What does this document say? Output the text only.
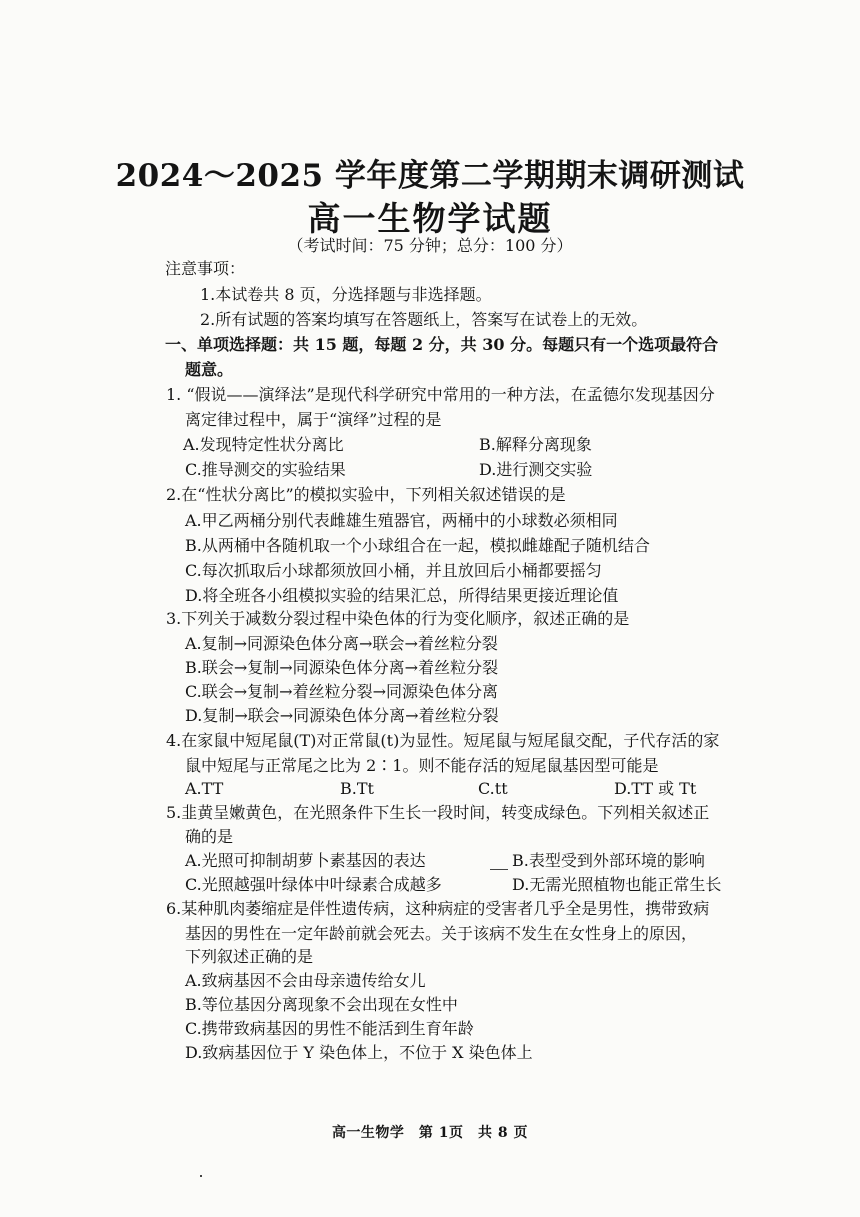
2024～2025 学年度第二学期期末调研测试
高一生物学试题
（考试时间：75 分钟；总分：100 分）
注意事项：
1.本试卷共 8 页，分选择题与非选择题。
2.所有试题的答案均填写在答题纸上，答案写在试卷上的无效。
一、单项选择题：共 15 题，每题 2 分，共 30 分。每题只有一个选项最符合
题意。
1. “假说——演绎法”是现代科学研究中常用的一种方法，在孟德尔发现基因分
离定律过程中，属于“演绎”过程的是
A.发现特定性状分离比	B.解释分离现象
C.推导测交的实验结果	D.进行测交实验
2.在“性状分离比”的模拟实验中，下列相关叙述错误的是
A.甲乙两桶分别代表雌雄生殖器官，两桶中的小球数必须相同
B.从两桶中各随机取一个小球组合在一起，模拟雌雄配子随机结合
C.每次抓取后小球都须放回小桶，并且放回后小桶都要摇匀
D.将全班各小组模拟实验的结果汇总，所得结果更接近理论值
3.下列关于减数分裂过程中染色体的行为变化顺序，叙述正确的是
A.复制→同源染色体分离→联会→着丝粒分裂
B.联会→复制→同源染色体分离→着丝粒分裂
C.联会→复制→着丝粒分裂→同源染色体分离
D.复制→联会→同源染色体分离→着丝粒分裂
4.在家鼠中短尾鼠(T)对正常鼠(t)为显性。短尾鼠与短尾鼠交配，子代存活的家
鼠中短尾与正常尾之比为 2∶1。则不能存活的短尾鼠基因型可能是
A.TT	B.Tt	C.tt	D.TT 或 Tt
5.韭黄呈嫩黄色，在光照条件下生长一段时间，转变成绿色。下列相关叙述正
确的是
A.光照可抑制胡萝卜素基因的表达	B.表型受到外部环境的影响
C.光照越强叶绿体中叶绿素合成越多	D.无需光照植物也能正常生长
6.某种肌肉萎缩症是伴性遗传病，这种病症的受害者几乎全是男性，携带致病
基因的男性在一定年龄前就会死去。关于该病不发生在女性身上的原因，
下列叙述正确的是
A.致病基因不会由母亲遗传给女儿
B.等位基因分离现象不会出现在女性中
C.携带致病基因的男性不能活到生育年龄
D.致病基因位于 Y 染色体上，不位于 X 染色体上
高一生物学　第 1页　共 8 页
